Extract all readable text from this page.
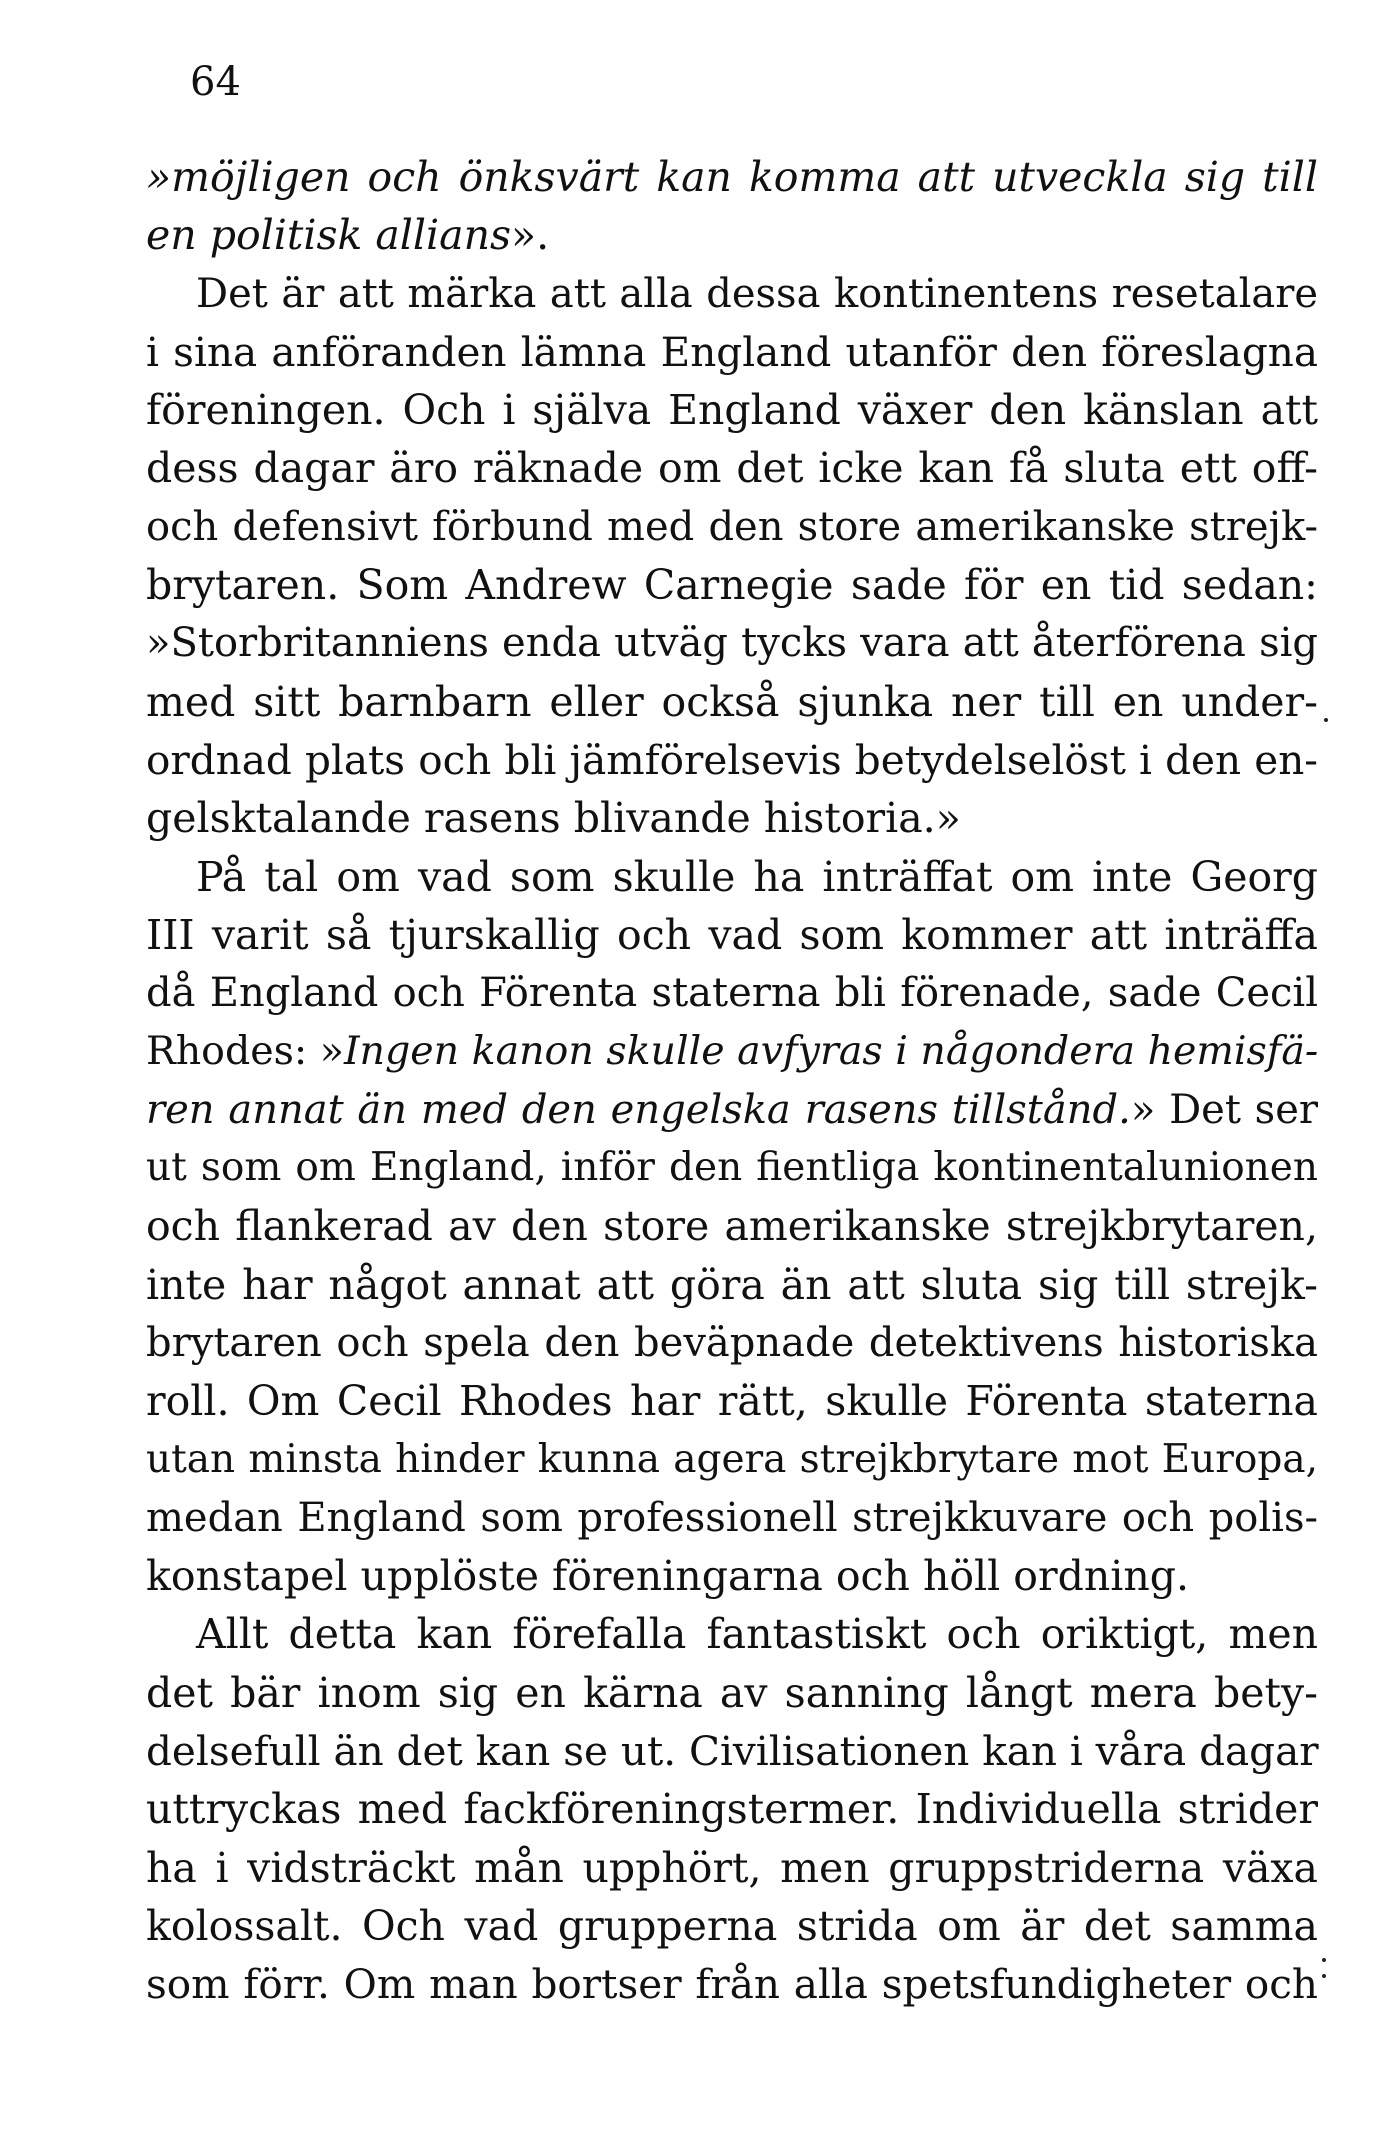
64
»möjligen och önksvärt kan komma att utveckla sig till
en politisk allians».
Det är att märka att alla dessa kontinentens resetalare
i sina anföranden lämna England utanför den föreslagna
föreningen. Och i själva England växer den känslan att
dess dagar äro räknade om det icke kan få sluta ett off-
och defensivt förbund med den store amerikanske strejk-
brytaren. Som Andrew Carnegie sade för en tid sedan:
»Storbritanniens enda utväg tycks vara att återförena sig
med sitt barnbarn eller också sjunka ner till en under-
ordnad plats och bli jämförelsevis betydelselöst i den en-
gelsktalande rasens blivande historia.»
På tal om vad som skulle ha inträffat om inte Georg
III varit så tjurskallig och vad som kommer att inträffa
då England och Förenta staterna bli förenade, sade Cecil
Rhodes: »Ingen kanon skulle avfyras i någondera hemisfä-
ren annat än med den engelska rasens tillstånd.» Det ser
ut som om England, inför den fientliga kontinentalunionen
och flankerad av den store amerikanske strejkbrytaren,
inte har något annat att göra än att sluta sig till strejk-
brytaren och spela den beväpnade detektivens historiska
roll. Om Cecil Rhodes har rätt, skulle Förenta staterna
utan minsta hinder kunna agera strejkbrytare mot Europa,
medan England som professionell strejkkuvare och polis-
konstapel upplöste föreningarna och höll ordning.
Allt detta kan förefalla fantastiskt och oriktigt, men
det bär inom sig en kärna av sanning långt mera bety-
delsefull än det kan se ut. Civilisationen kan i våra dagar
uttryckas med fackföreningstermer. Individuella strider
ha i vidsträckt mån upphört, men gruppstriderna växa
kolossalt. Och vad grupperna strida om är det samma
som förr. Om man bortser från alla spetsfundigheter och
